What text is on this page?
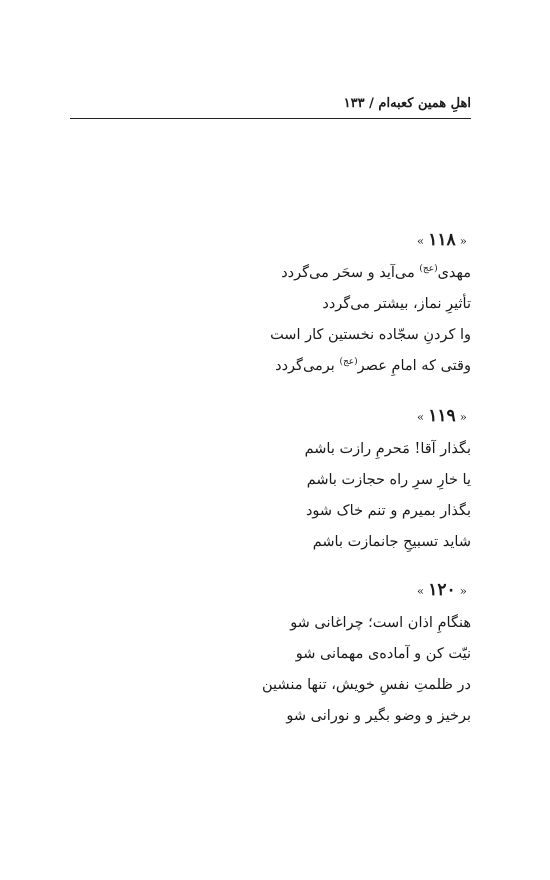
اهلِ همین کعبه‌ام / ۱۳۳
«۱۱۸»
مهدی$^{(عج)}$ می‌آید و سحَر می‌گردد
تأثیرِ نماز، بیشتر می‌گردد
وا کردنِ سجّاده نخستین کار است
وقتی که امامِ عصر$^{(عج)}$ برمی‌گردد
«۱۱۹»
بگذار آقا! مَحرمِ رازت باشم
یا خارِ سرِ راه حجازت باشم
بگذار بمیرم و تنم خاک شود
شاید تسبیحِ جانمازت باشم
«۱۲۰»
هنگامِ اذان است؛ چراغانی شو
نیّت کن و آماده‌ی مهمانی شو
در ظلمتِ نفسِ خویش، تنها منشین
برخیز و وضو بگیر و نورانی شو
